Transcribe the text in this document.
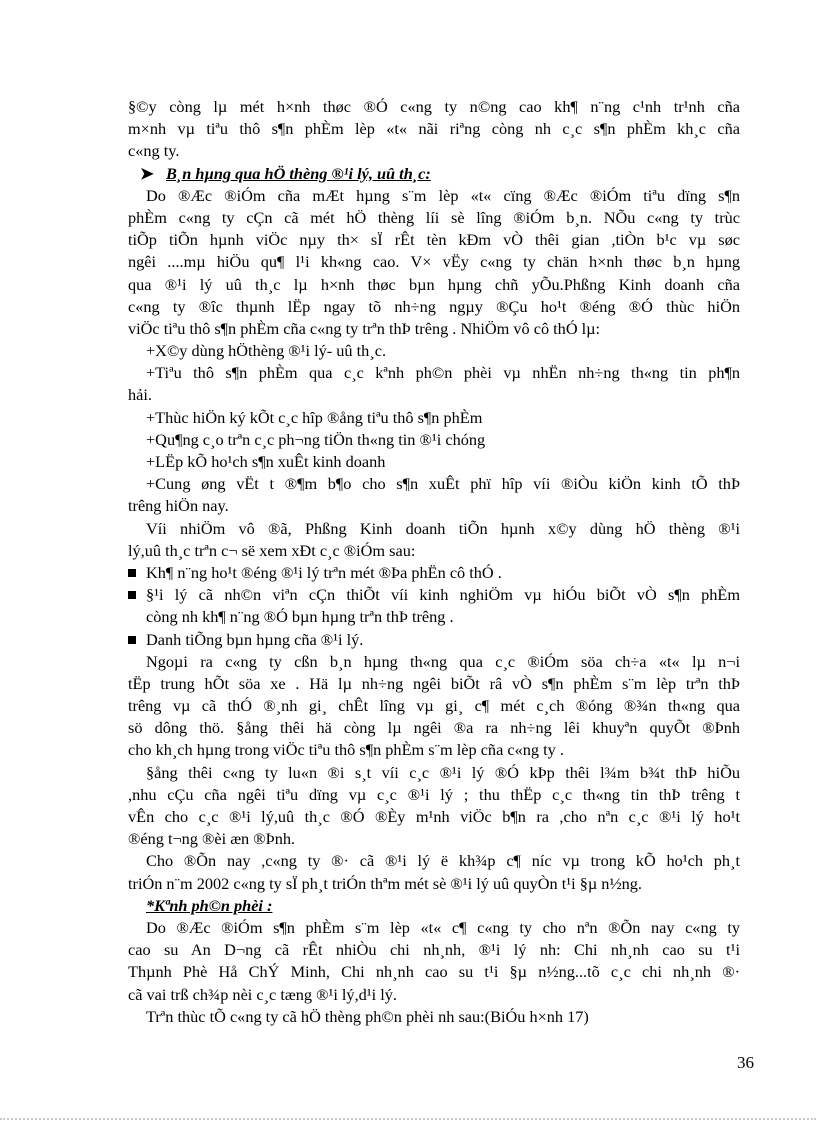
§©y còng lµ mét h×nh thøc ®Ó c«ng ty n©ng cao kh¶ n¨ng c¹nh tr¹nh cña
m×nh vµ tiªu thô s¶n phÈm lèp «t« nãi riªng còng nh c¸c s¶n phÈm kh¸c cña
c«ng ty.
➤ B¸n hµng qua hÖ thèng ®¹i lý, uû th¸c:
Do ®Æc ®iÓm cña mÆt hµng s¨m lèp «t« cïng ®Æc ®iÓm tiªu dïng s¶n
phÈm c«ng ty cÇn cã mét hÖ thèng líi sè lîng ®iÓm b¸n. NÕu c«ng ty trùc
tiÕp tiÕn hµnh viÖc nµy th× sÏ rÊt tèn kÐm vÒ thêi gian ,tiÒn b¹c vµ søc
ngêi ....mµ hiÖu qu¶ l¹i kh«ng cao. V× vËy c«ng ty chän h×nh thøc b¸n hµng
qua ®¹i lý uû th¸c lµ h×nh thøc bµn hµng chñ yÕu.Phßng Kinh doanh cña
c«ng ty ®îc thµnh lËp ngay tõ nh÷ng ngµy ®Çu ho¹t ®éng ®Ó thùc hiÖn
viÖc tiªu thô s¶n phÈm cña c«ng ty trªn thÞ trêng . NhiÖm vô cô thÓ lµ:
+X©y dùng hÖthèng ®¹i lý- uû th¸c.
+Tiªu thô s¶n phÈm qua c¸c kªnh ph©n phèi vµ nhËn nh÷ng th«ng tin ph¶n
hải.
+Thùc hiÖn ký kÕt c¸c hîp ®ång tiªu thô s¶n phÈm
+Qu¶ng c¸o trªn c¸c ph¬ng tiÖn th«ng tin ®¹i chóng
+LËp kÕ ho¹ch s¶n xuÊt kinh doanh
+Cung øng vËt t ®¶m b¶o cho s¶n xuÊt phï hîp víi ®iÒu kiÖn kinh tÕ thÞ
trêng hiÖn nay.
Víi nhiÖm vô ®ã, Phßng Kinh doanh tiÕn hµnh x©y dùng hÖ thèng ®¹i
lý,uû th¸c trªn c¬ së xem xÐt c¸c ®iÓm sau:
Kh¶ n¨ng ho¹t ®éng ®¹i lý trªn mét ®Þa phËn cô thÓ .
§¹i lý cã nh©n viªn cÇn thiÕt víi kinh nghiÖm vµ hiÓu biÕt vÒ s¶n phÈm
còng nh kh¶ n¨ng ®Ó bµn hµng trªn thÞ trêng .
Danh tiÕng bµn hµng cña ®¹i lý.
Ngoµi ra c«ng ty cßn b¸n hµng th«ng qua c¸c ®iÓm söa ch÷a «t« lµ n¬i
tËp trung hÕt söa xe . Hä lµ nh÷ng ngêi biÕt râ vÒ s¶n phÈm s¨m lèp trªn thÞ
trêng vµ cã thÓ ®¸nh gi¸ chÊt lîng vµ gi¸ c¶ mét c¸ch ®óng ®¾n th«ng qua
sö dông thö. §ång thêi hä còng lµ ngêi ®a ra nh÷ng lêi khuyªn quyÕt ®Þnh
cho kh¸ch hµng trong viÖc tiªu thô s¶n phÈm s¨m lèp cña c«ng ty .
§ång thêi c«ng ty lu«n ®i s¸t víi c¸c ®¹i lý ®Ó kÞp thêi l¾m b¾t thÞ hiÕu
,nhu cÇu cña ngêi tiªu dïng vµ c¸c ®¹i lý ; thu thËp c¸c th«ng tin thÞ trêng t
vÊn cho c¸c ®¹i lý,uû th¸c ®Ó ®Èy m¹nh viÖc b¶n ra ,cho nªn c¸c ®¹i lý ho¹t
®éng t¬ng ®èi æn ®Þnh.
Cho ®Õn nay ,c«ng ty ®· cã ®¹i lý ë kh¾p c¶ níc vµ trong kÕ ho¹ch ph¸t
triÓn n¨m 2002 c«ng ty sÏ ph¸t triÓn thªm mét sè ®¹i lý uû quyÒn t¹i §µ n½ng.
*Kªnh ph©n phèi :
Do ®Æc ®iÓm s¶n phÈm s¨m lèp «t« c¶ c«ng ty cho nªn ®Õn nay c«ng ty
cao su An D¬ng cã rÊt nhiÒu chi nh¸nh, ®¹i lý nh: Chi nh¸nh cao su t¹i
Thµnh Phè Hå ChÝ Minh, Chi nh¸nh cao su t¹i §µ n½ng...tõ c¸c chi nh¸nh ®·
cã vai trß ch¾p nèi c¸c tæng ®¹i lý,d¹i lý.
Trªn thùc tÕ c«ng ty cã hÖ thèng ph©n phèi nh sau:(BiÓu h×nh 17)
36
